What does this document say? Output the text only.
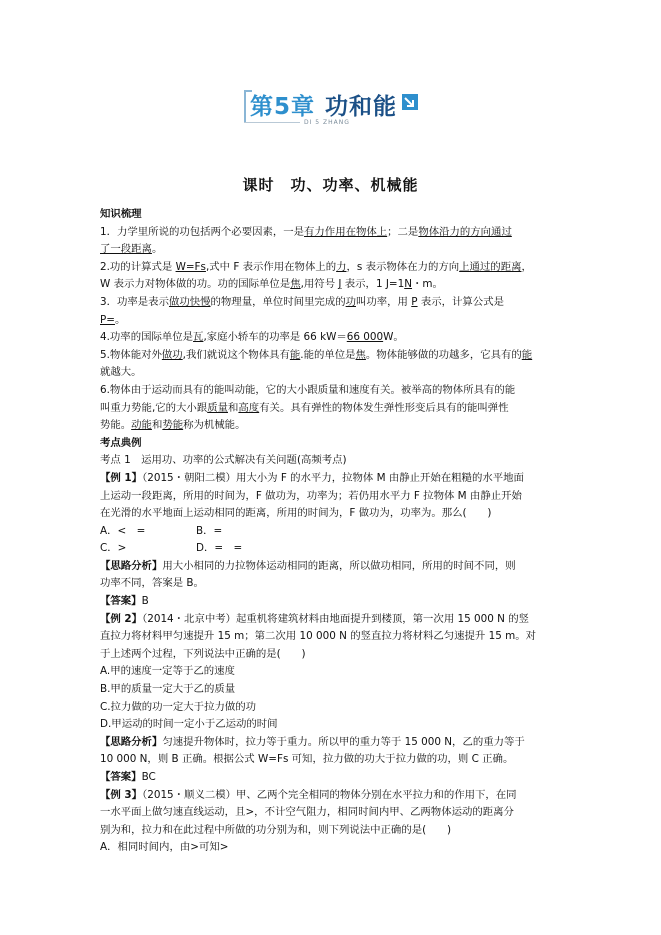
第5章 功和能
DI 5 ZHANG
课时　功、功率、机械能

知识梳理

1．力学里所说的功包括两个必要因素，一是有力作用在物体上；二是物体沿力的方向通过

了一段距离。

2.功的计算式是 W=Fs,式中 F 表示作用在物体上的力，s 表示物体在力的方向上通过的距离，

W 表示力对物体做的功。功的国际单位是焦,用符号 J 表示，1 J=1N・m。

3．功率是表示做功快慢的物理量，单位时间里完成的功叫功率，用 P 表示，计算公式是

P=。

4.功率的国际单位是瓦,家庭小轿车的功率是 66 kW＝66 000W。

5.物体能对外做功,我们就说这个物体具有能.能的单位是焦。物体能够做的功越多，它具有的能

就越大。

6.物体由于运动而具有的能叫动能，它的大小跟质量和速度有关。被举高的物体所具有的能

叫重力势能,它的大小跟质量和高度有关。具有弹性的物体发生弹性形变后具有的能叫弹性

势能。动能和势能称为机械能。

考点典例

考点 1　运用功、功率的公式解决有关问题(高频考点)

【例 1】（2015・朝阳二模）用大小为 F 的水平力，拉物体 M 由静止开始在粗糙的水平地面

上运动一段距离，所用的时间为，F 做功为，功率为；若仍用水平力 F 拉物体 M 由静止开始

在光滑的水平地面上运动相同的距离，所用的时间为，F 做功为，功率为。那么(　　)

A．<　=	B．=

C．>	D．=　=

【思路分析】用大小相同的力拉物体运动相同的距离，所以做功相同，所用的时间不同，则

功率不同，答案是 B。

【答案】B

【例 2】（2014・北京中考）起重机将建筑材料由地面提升到楼顶，第一次用 15 000 N 的竖

直拉力将材料甲匀速提升 15 m；第二次用 10 000 N 的竖直拉力将材料乙匀速提升 15 m。对

于上述两个过程，下列说法中正确的是(　　)

A.甲的速度一定等于乙的速度

B.甲的质量一定大于乙的质量

C.拉力做的功一定大于拉力做的功

D.甲运动的时间一定小于乙运动的时间

【思路分析】匀速提升物体时，拉力等于重力。所以甲的重力等于 15 000 N，乙的重力等于

10 000 N，则 B 正确。根据公式 W=Fs 可知，拉力做的功大于拉力做的功，则 C 正确。

【答案】BC

【例 3】（2015・顺义二模）甲、乙两个完全相同的物体分别在水平拉力和的作用下，在同

一水平面上做匀速直线运动，且>，不计空气阻力，相同时间内甲、乙两物体运动的距离分

别为和，拉力和在此过程中所做的功分别为和，则下列说法中正确的是(　　)

A．相同时间内，由>可知>
